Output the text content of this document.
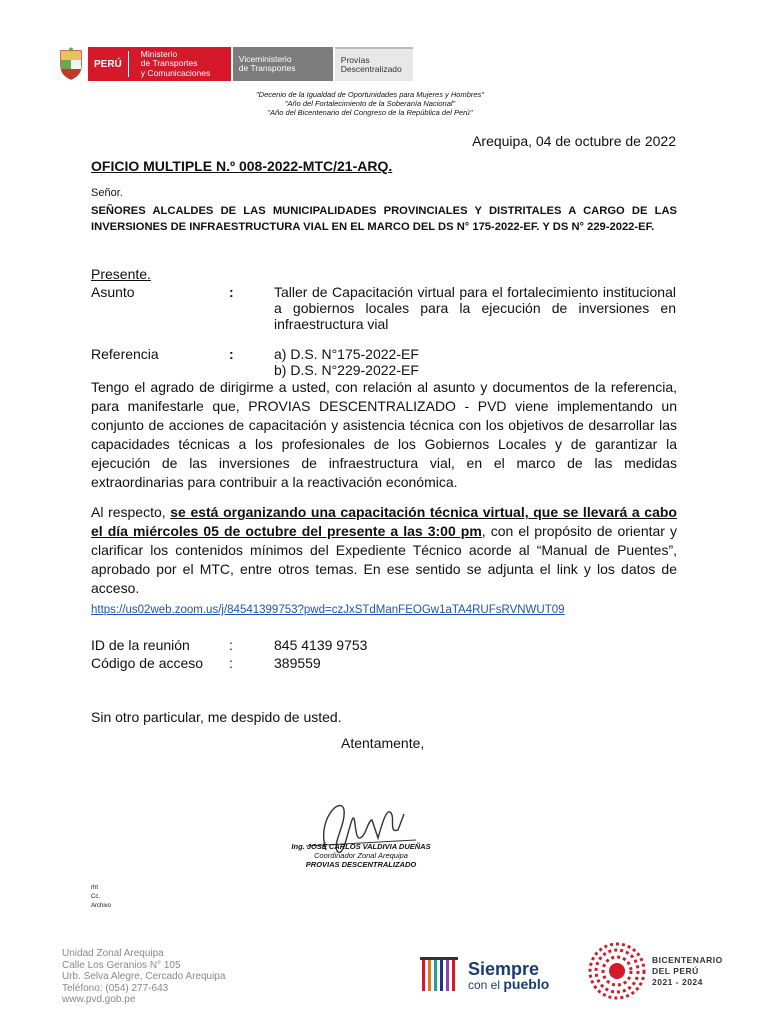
PERÚ
Ministerio
de Transportes
y Comunicaciones
Viceministerio
de Transportes
Provías
Descentralizado
"Decenio de la Igualdad de Oportunidades para Mujeres y Hombres"
"Año del Fortalecimiento de la Soberanía Nacional"
"Año del Bicentenario del Congreso de la República del Perú"
Arequipa, 04 de octubre de 2022
OFICIO MULTIPLE N.º 008-2022-MTC/21-ARQ.
Señor.
SEÑORES ALCALDES DE LAS MUNICIPALIDADES PROVINCIALES Y DISTRITALES A CARGO DE LAS INVERSIONES DE INFRAESTRUCTURA VIAL EN EL MARCO DEL DS N° 175-2022-EF. Y DS N° 229-2022-EF.
Presente.
Asunto	:	Taller de Capacitación virtual para el fortalecimiento institucional a gobiernos locales para la ejecución de inversiones en infraestructura vial
Referencia	:	a) D.S. N°175-2022-EF
b) D.S. N°229-2022-EF
Tengo el agrado de dirigirme a usted, con relación al asunto y documentos de la referencia, para manifestarle que, PROVIAS DESCENTRALIZADO - PVD viene implementando un conjunto de acciones de capacitación y asistencia técnica con los objetivos de desarrollar las capacidades técnicas a los profesionales de los Gobiernos Locales y de garantizar la ejecución de las inversiones de infraestructura vial, en el marco de las medidas extraordinarias para contribuir a la reactivación económica.
Al respecto, se está organizando una capacitación técnica virtual, que se llevará a cabo el día miércoles 05 de octubre del presente a las 3:00 pm, con el propósito de orientar y clarificar los contenidos mínimos del Expediente Técnico acorde al “Manual de Puentes”, aprobado por el MTC, entre otros temas. En ese sentido se adjunta el link y los datos de acceso.
https://us02web.zoom.us/j/84541399753?pwd=czJxSTdManFEOGw1aTA4RUFsRVNWUT09
ID de la reunión	:	845 4139 9753
Código de acceso :	389559
Sin otro particular, me despido de usted.
Atentamente,
Ing. JOSÉ CARLOS VALDIVIA DUEÑAS
Coordinador Zonal Arequipa
PROVIAS DESCENTRALIZADO
rht
Cc.
Archivo
Unidad Zonal Arequipa
Calle Los Geranios N° 105
Urb. Selva Alegre, Cercado Arequipa
Teléfono: (054) 277-643
www.pvd.gob.pe
Siempre
con el pueblo
BICENTENARIO
DEL PERÚ
2021 - 2024
